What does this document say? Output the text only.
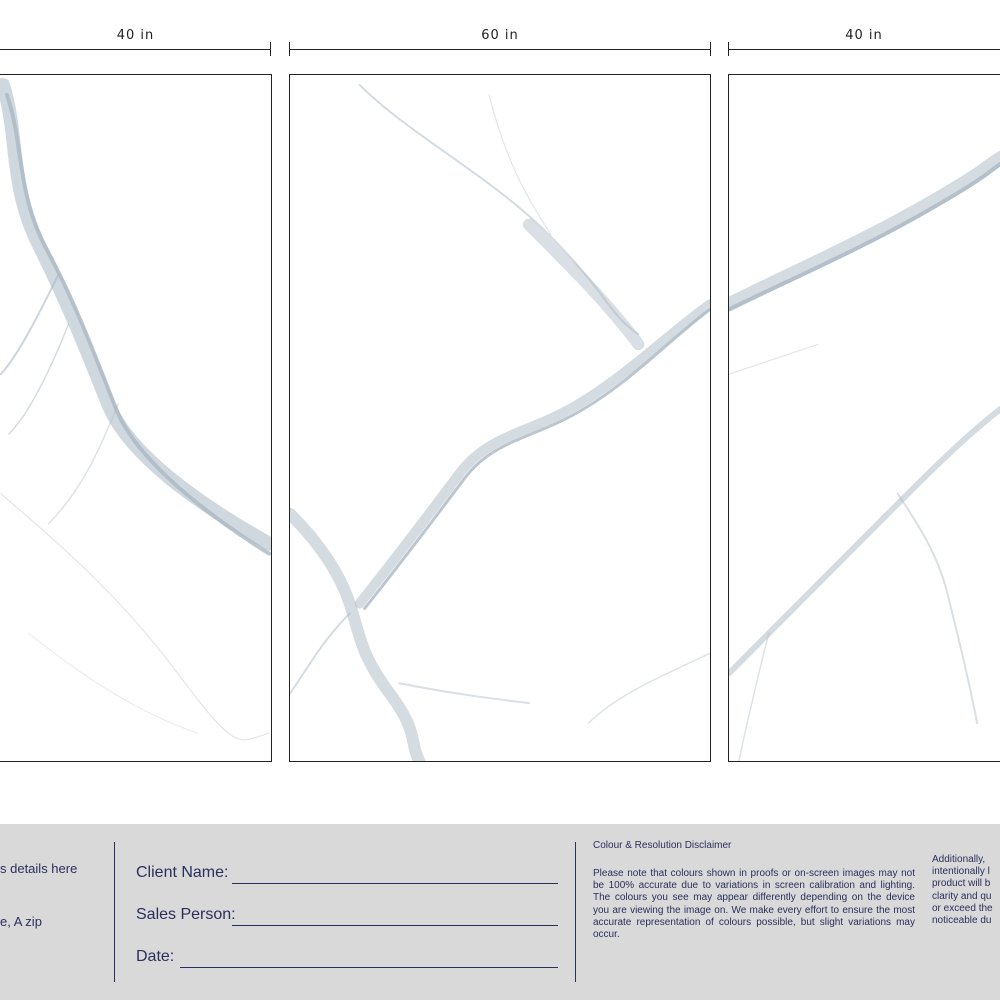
40 in	60 in	40 in
s details here
e, A zip
Client Name:
Sales Person:
Date:
Colour & Resolution Disclaimer
Please note that colours shown in proofs or on-screen images may not be 100% accurate due to variations in screen calibration and lighting. The colours you see may appear differently depending on the device you are viewing the image on. We make every effort to ensure the most accurate representation of colours possible, but slight variations may occur.
Additionally,
intentionally l
product will b
clarity and qu
or exceed the
noticeable du
